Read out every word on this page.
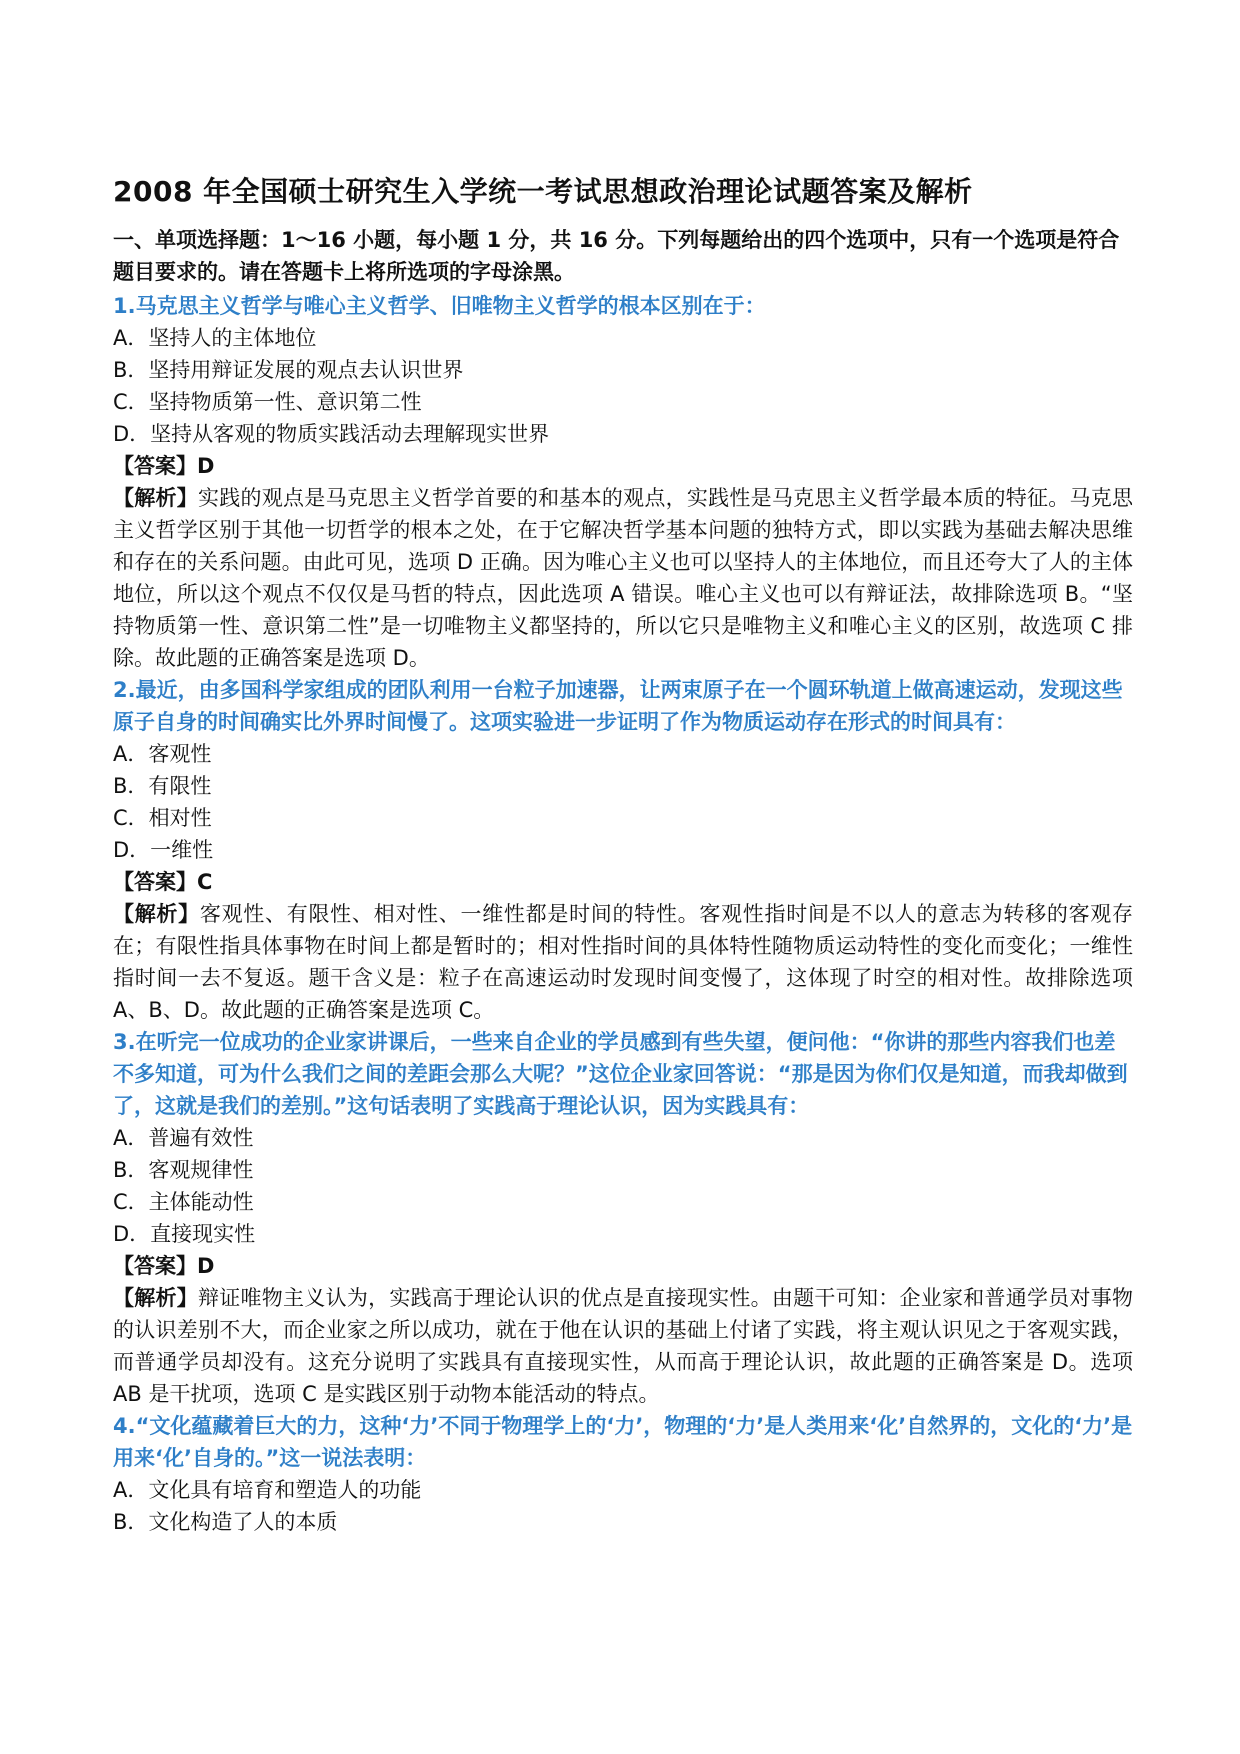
2008 年全国硕士研究生入学统一考试思想政治理论试题答案及解析
一、单项选择题：1～16 小题，每小题 1 分，共 16 分。下列每题给出的四个选项中，只有一个选项是符合题目要求的。请在答题卡上将所选项的字母涂黑。
1.马克思主义哲学与唯心主义哲学、旧唯物主义哲学的根本区别在于：
A．坚持人的主体地位
B．坚持用辩证发展的观点去认识世界
C．坚持物质第一性、意识第二性
D．坚持从客观的物质实践活动去理解现实世界
【答案】D
【解析】实践的观点是马克思主义哲学首要的和基本的观点，实践性是马克思主义哲学最本质的特征。马克思主义哲学区别于其他一切哲学的根本之处，在于它解决哲学基本问题的独特方式，即以实践为基础去解决思维和存在的关系问题。由此可见，选项 D 正确。因为唯心主义也可以坚持人的主体地位，而且还夸大了人的主体地位，所以这个观点不仅仅是马哲的特点，因此选项 A 错误。唯心主义也可以有辩证法，故排除选项 B。“坚持物质第一性、意识第二性”是一切唯物主义都坚持的，所以它只是唯物主义和唯心主义的区别，故选项 C 排除。故此题的正确答案是选项 D。
2.最近，由多国科学家组成的团队利用一台粒子加速器，让两束原子在一个圆环轨道上做高速运动，发现这些原子自身的时间确实比外界时间慢了。这项实验进一步证明了作为物质运动存在形式的时间具有：
A．客观性
B．有限性
C．相对性
D．一维性
【答案】C
【解析】客观性、有限性、相对性、一维性都是时间的特性。客观性指时间是不以人的意志为转移的客观存在；有限性指具体事物在时间上都是暂时的；相对性指时间的具体特性随物质运动特性的变化而变化；一维性指时间一去不复返。题干含义是：粒子在高速运动时发现时间变慢了，这体现了时空的相对性。故排除选项 A、B、D。故此题的正确答案是选项 C。
3.在听完一位成功的企业家讲课后，一些来自企业的学员感到有些失望，便问他：“你讲的那些内容我们也差不多知道，可为什么我们之间的差距会那么大呢？”这位企业家回答说：“那是因为你们仅是知道，而我却做到了，这就是我们的差别。”这句话表明了实践高于理论认识，因为实践具有：
A．普遍有效性
B．客观规律性
C．主体能动性
D．直接现实性
【答案】D
【解析】辩证唯物主义认为，实践高于理论认识的优点是直接现实性。由题干可知：企业家和普通学员对事物的认识差别不大，而企业家之所以成功，就在于他在认识的基础上付诸了实践，将主观认识见之于客观实践，而普通学员却没有。这充分说明了实践具有直接现实性，从而高于理论认识，故此题的正确答案是 D。选项 AB 是干扰项，选项 C 是实践区别于动物本能活动的特点。
4.“文化蕴藏着巨大的力，这种‘力’不同于物理学上的‘力’，物理的‘力’是人类用来‘化’自然界的，文化的‘力’是用来‘化’自身的。”这一说法表明：
A．文化具有培育和塑造人的功能
B．文化构造了人的本质
